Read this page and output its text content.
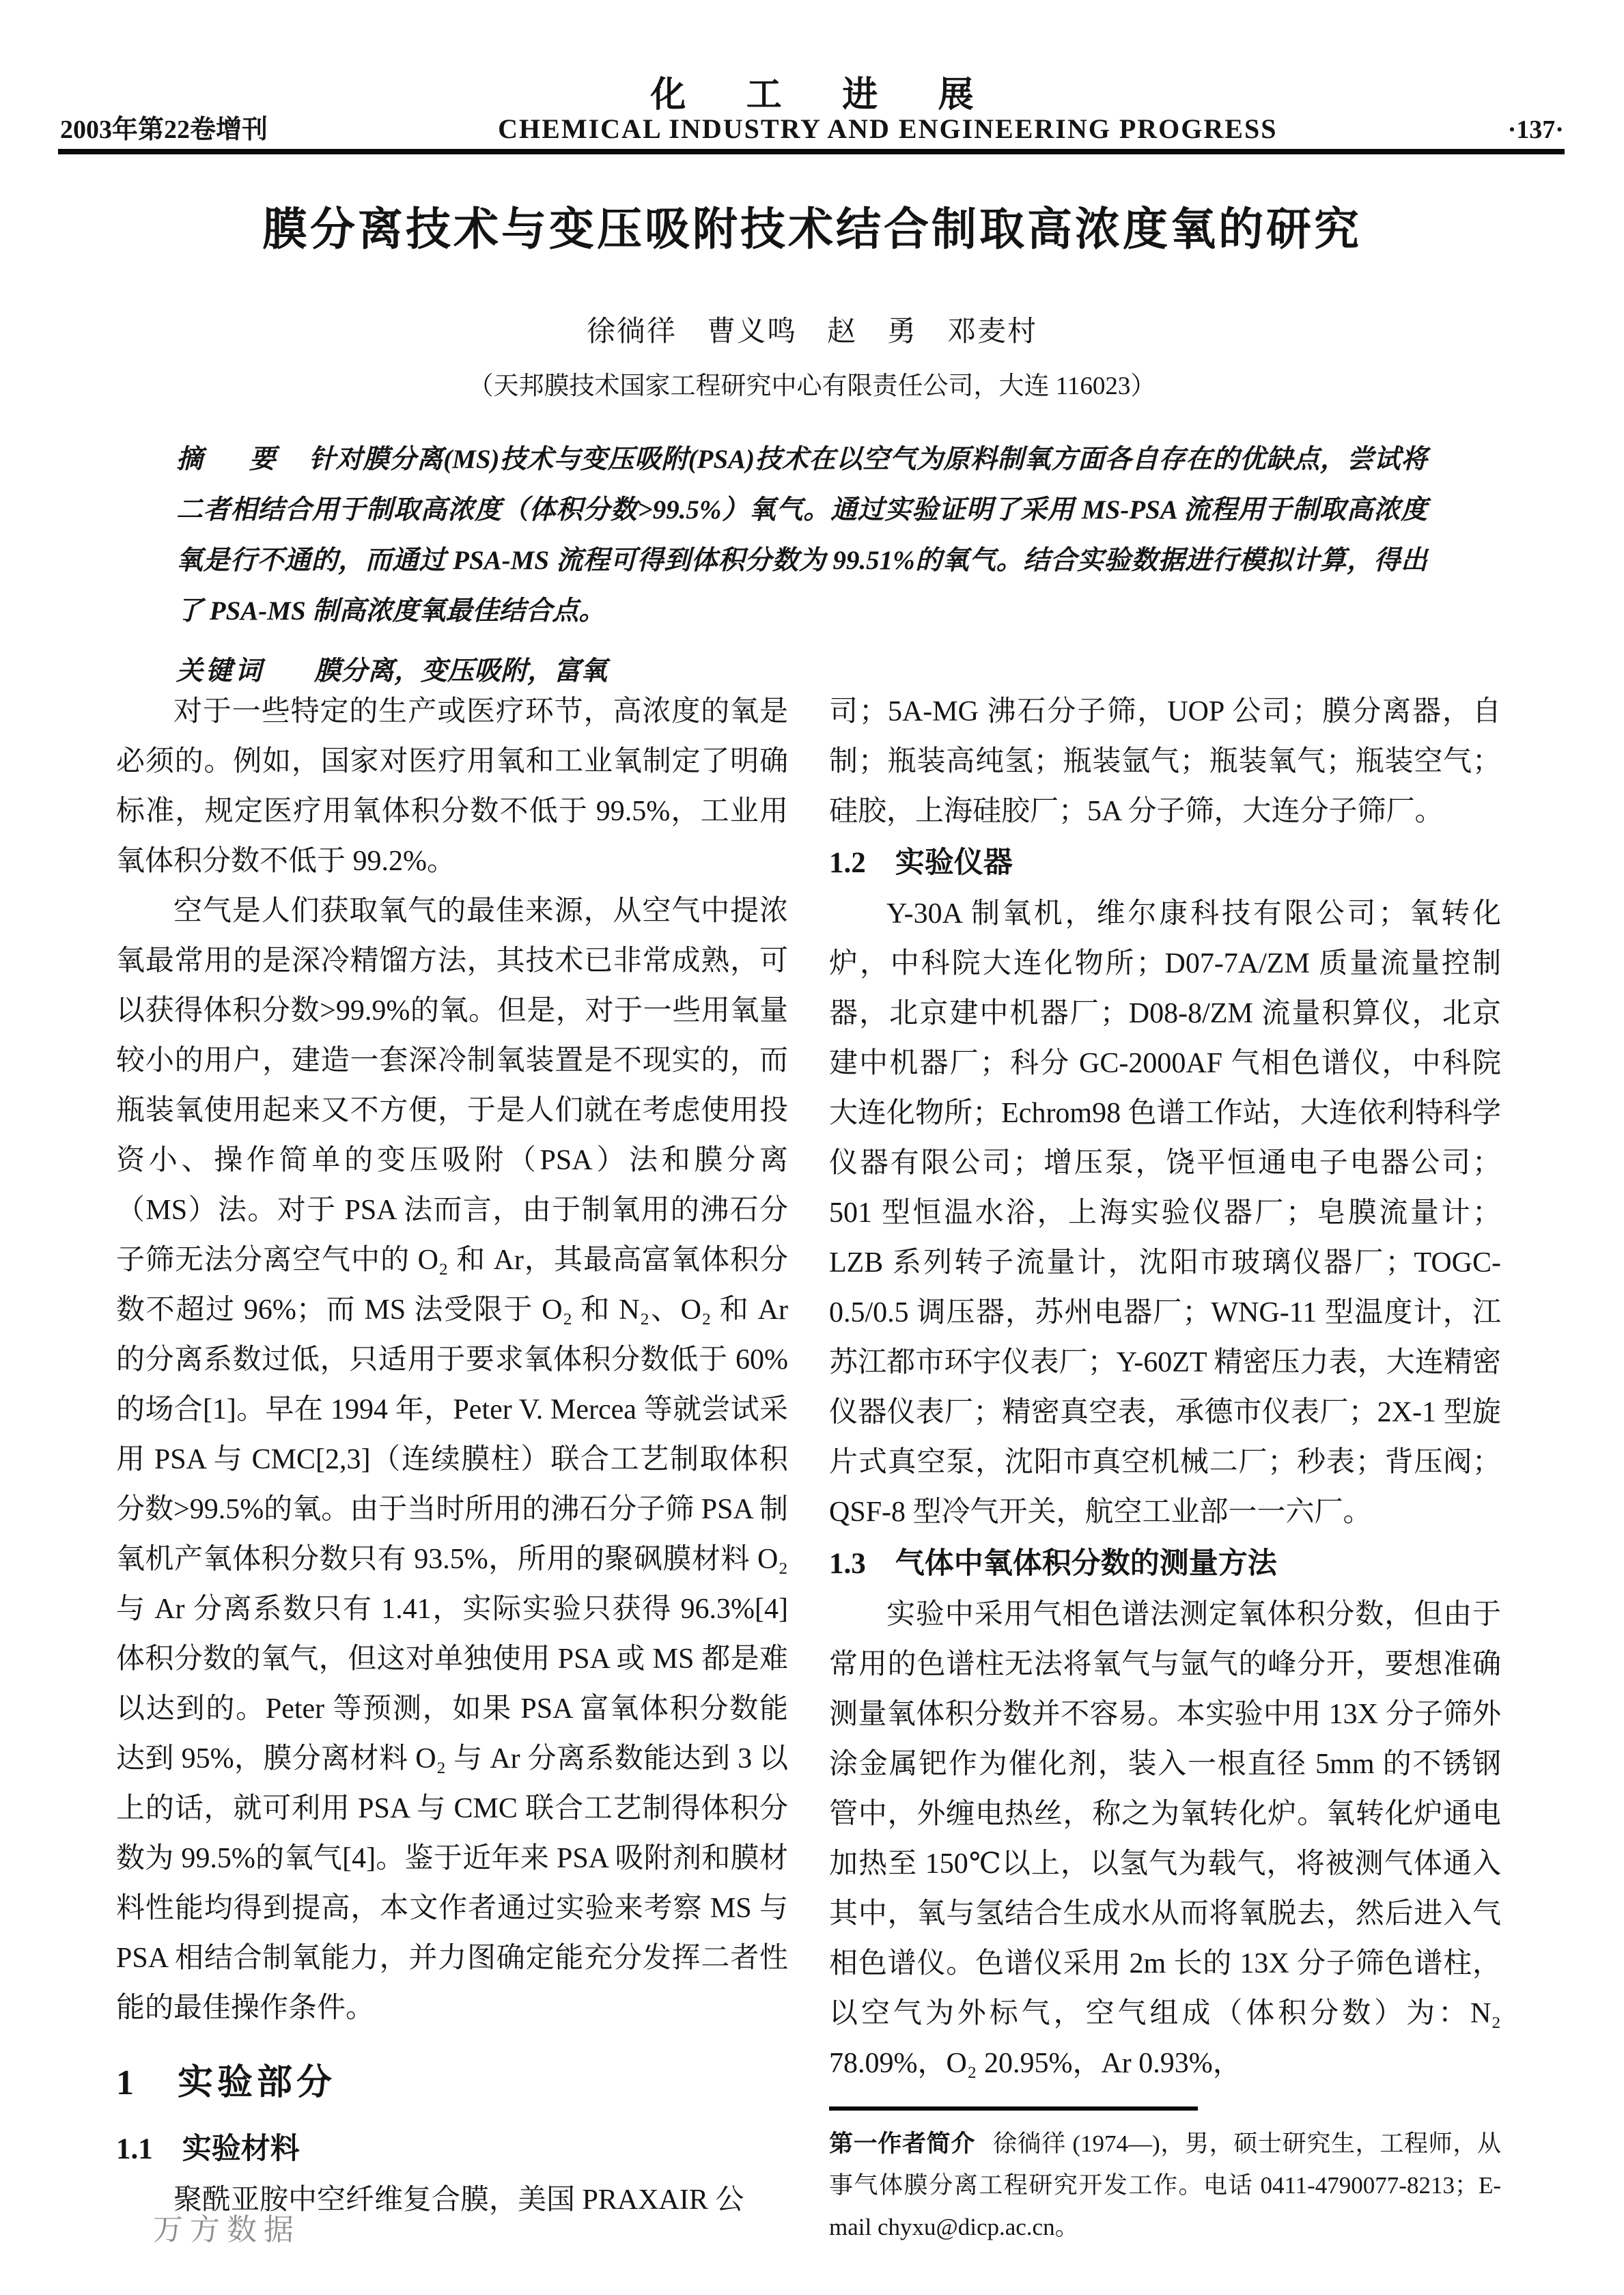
化工进展
2003年第22卷增刊	CHEMICAL INDUSTRY AND ENGINEERING PROGRESS	·137·
膜分离技术与变压吸附技术结合制取高浓度氧的研究
徐徜徉　曹义鸣　赵　勇　邓麦村
（天邦膜技术国家工程研究中心有限责任公司，大连 116023）
摘　要 针对膜分离(MS)技术与变压吸附(PSA)技术在以空气为原料制氧方面各自存在的优缺点，尝试将二者相结合用于制取高浓度（体积分数>99.5%）氧气。通过实验证明了采用 MS-PSA 流程用于制取高浓度氧是行不通的，而通过 PSA-MS 流程可得到体积分数为 99.51%的氧气。结合实验数据进行模拟计算，得出了 PSA-MS 制高浓度氧最佳结合点。
关键词　 膜分离，变压吸附，富氧

对于一些特定的生产或医疗环节，高浓度的氧是必须的。例如，国家对医疗用氧和工业氧制定了明确标准，规定医疗用氧体积分数不低于 99.5%，工业用氧体积分数不低于 99.2%。

空气是人们获取氧气的最佳来源，从空气中提浓氧最常用的是深冷精馏方法，其技术已非常成熟，可以获得体积分数>99.9%的氧。但是，对于一些用氧量较小的用户，建造一套深冷制氧装置是不现实的，而瓶装氧使用起来又不方便，于是人们就在考虑使用投资小、操作简单的变压吸附（PSA）法和膜分离（MS）法。对于 PSA 法而言，由于制氧用的沸石分子筛无法分离空气中的 O₂ 和 Ar，其最高富氧体积分数不超过 96%；而 MS 法受限于 O₂ 和 N₂、O₂ 和 Ar 的分离系数过低，只适用于要求氧体积分数低于 60%的场合[1]。早在 1994 年，Peter V. Mercea 等就尝试采用 PSA 与 CMC[2,3]（连续膜柱）联合工艺制取体积分数>99.5%的氧。由于当时所用的沸石分子筛 PSA 制氧机产氧体积分数只有 93.5%，所用的聚砜膜材料 O₂ 与 Ar 分离系数只有 1.41，实际实验只获得 96.3%[4]体积分数的氧气，但这对单独使用 PSA 或 MS 都是难以达到的。Peter 等预测，如果 PSA 富氧体积分数能达到 95%，膜分离材料 O₂ 与 Ar 分离系数能达到 3 以上的话，就可利用 PSA 与 CMC 联合工艺制得体积分数为 99.5%的氧气[4]。鉴于近年来 PSA 吸附剂和膜材料性能均得到提高，本文作者通过实验来考察 MS 与 PSA 相结合制氧能力，并力图确定能充分发挥二者性能的最佳操作条件。

1　实验部分
1.1　实验材料

聚酰亚胺中空纤维复合膜，美国 PRAXAIR 公

司；5A-MG 沸石分子筛，UOP 公司；膜分离器，自制；瓶装高纯氢；瓶装氩气；瓶装氧气；瓶装空气；硅胶，上海硅胶厂；5A 分子筛，大连分子筛厂。

1.2　实验仪器

Y-30A 制氧机，维尔康科技有限公司；氧转化炉，中科院大连化物所；D07-7A/ZM 质量流量控制器，北京建中机器厂；D08-8/ZM 流量积算仪，北京建中机器厂；科分 GC-2000AF 气相色谱仪，中科院大连化物所；Echrom98 色谱工作站，大连依利特科学仪器有限公司；增压泵，饶平恒通电子电器公司；501 型恒温水浴，上海实验仪器厂；皂膜流量计；LZB 系列转子流量计，沈阳市玻璃仪器厂；TOGC-0.5/0.5 调压器，苏州电器厂；WNG-11 型温度计，江苏江都市环宇仪表厂；Y-60ZT 精密压力表，大连精密仪器仪表厂；精密真空表，承德市仪表厂；2X-1 型旋片式真空泵，沈阳市真空机械二厂；秒表；背压阀；QSF-8 型冷气开关，航空工业部一一六厂。

1.3　气体中氧体积分数的测量方法

实验中采用气相色谱法测定氧体积分数，但由于常用的色谱柱无法将氧气与氩气的峰分开，要想准确测量氧体积分数并不容易。本实验中用 13X 分子筛外涂金属钯作为催化剂，装入一根直径 5mm 的不锈钢管中，外缠电热丝，称之为氧转化炉。氧转化炉通电加热至 150℃以上，以氢气为载气，将被测气体通入其中，氧与氢结合生成水从而将氧脱去，然后进入气相色谱仪。色谱仪采用 2m 长的 13X 分子筛色谱柱，以空气为外标气，空气组成（体积分数）为：N₂ 78.09%，O₂ 20.95%，Ar 0.93%，

第一作者简介 徐徜徉 (1974—)，男，硕士研究生，工程师，从事气体膜分离工程研究开发工作。电话 0411-4790077-8213；E-mail chyxu@dicp.ac.cn。
万方数据
